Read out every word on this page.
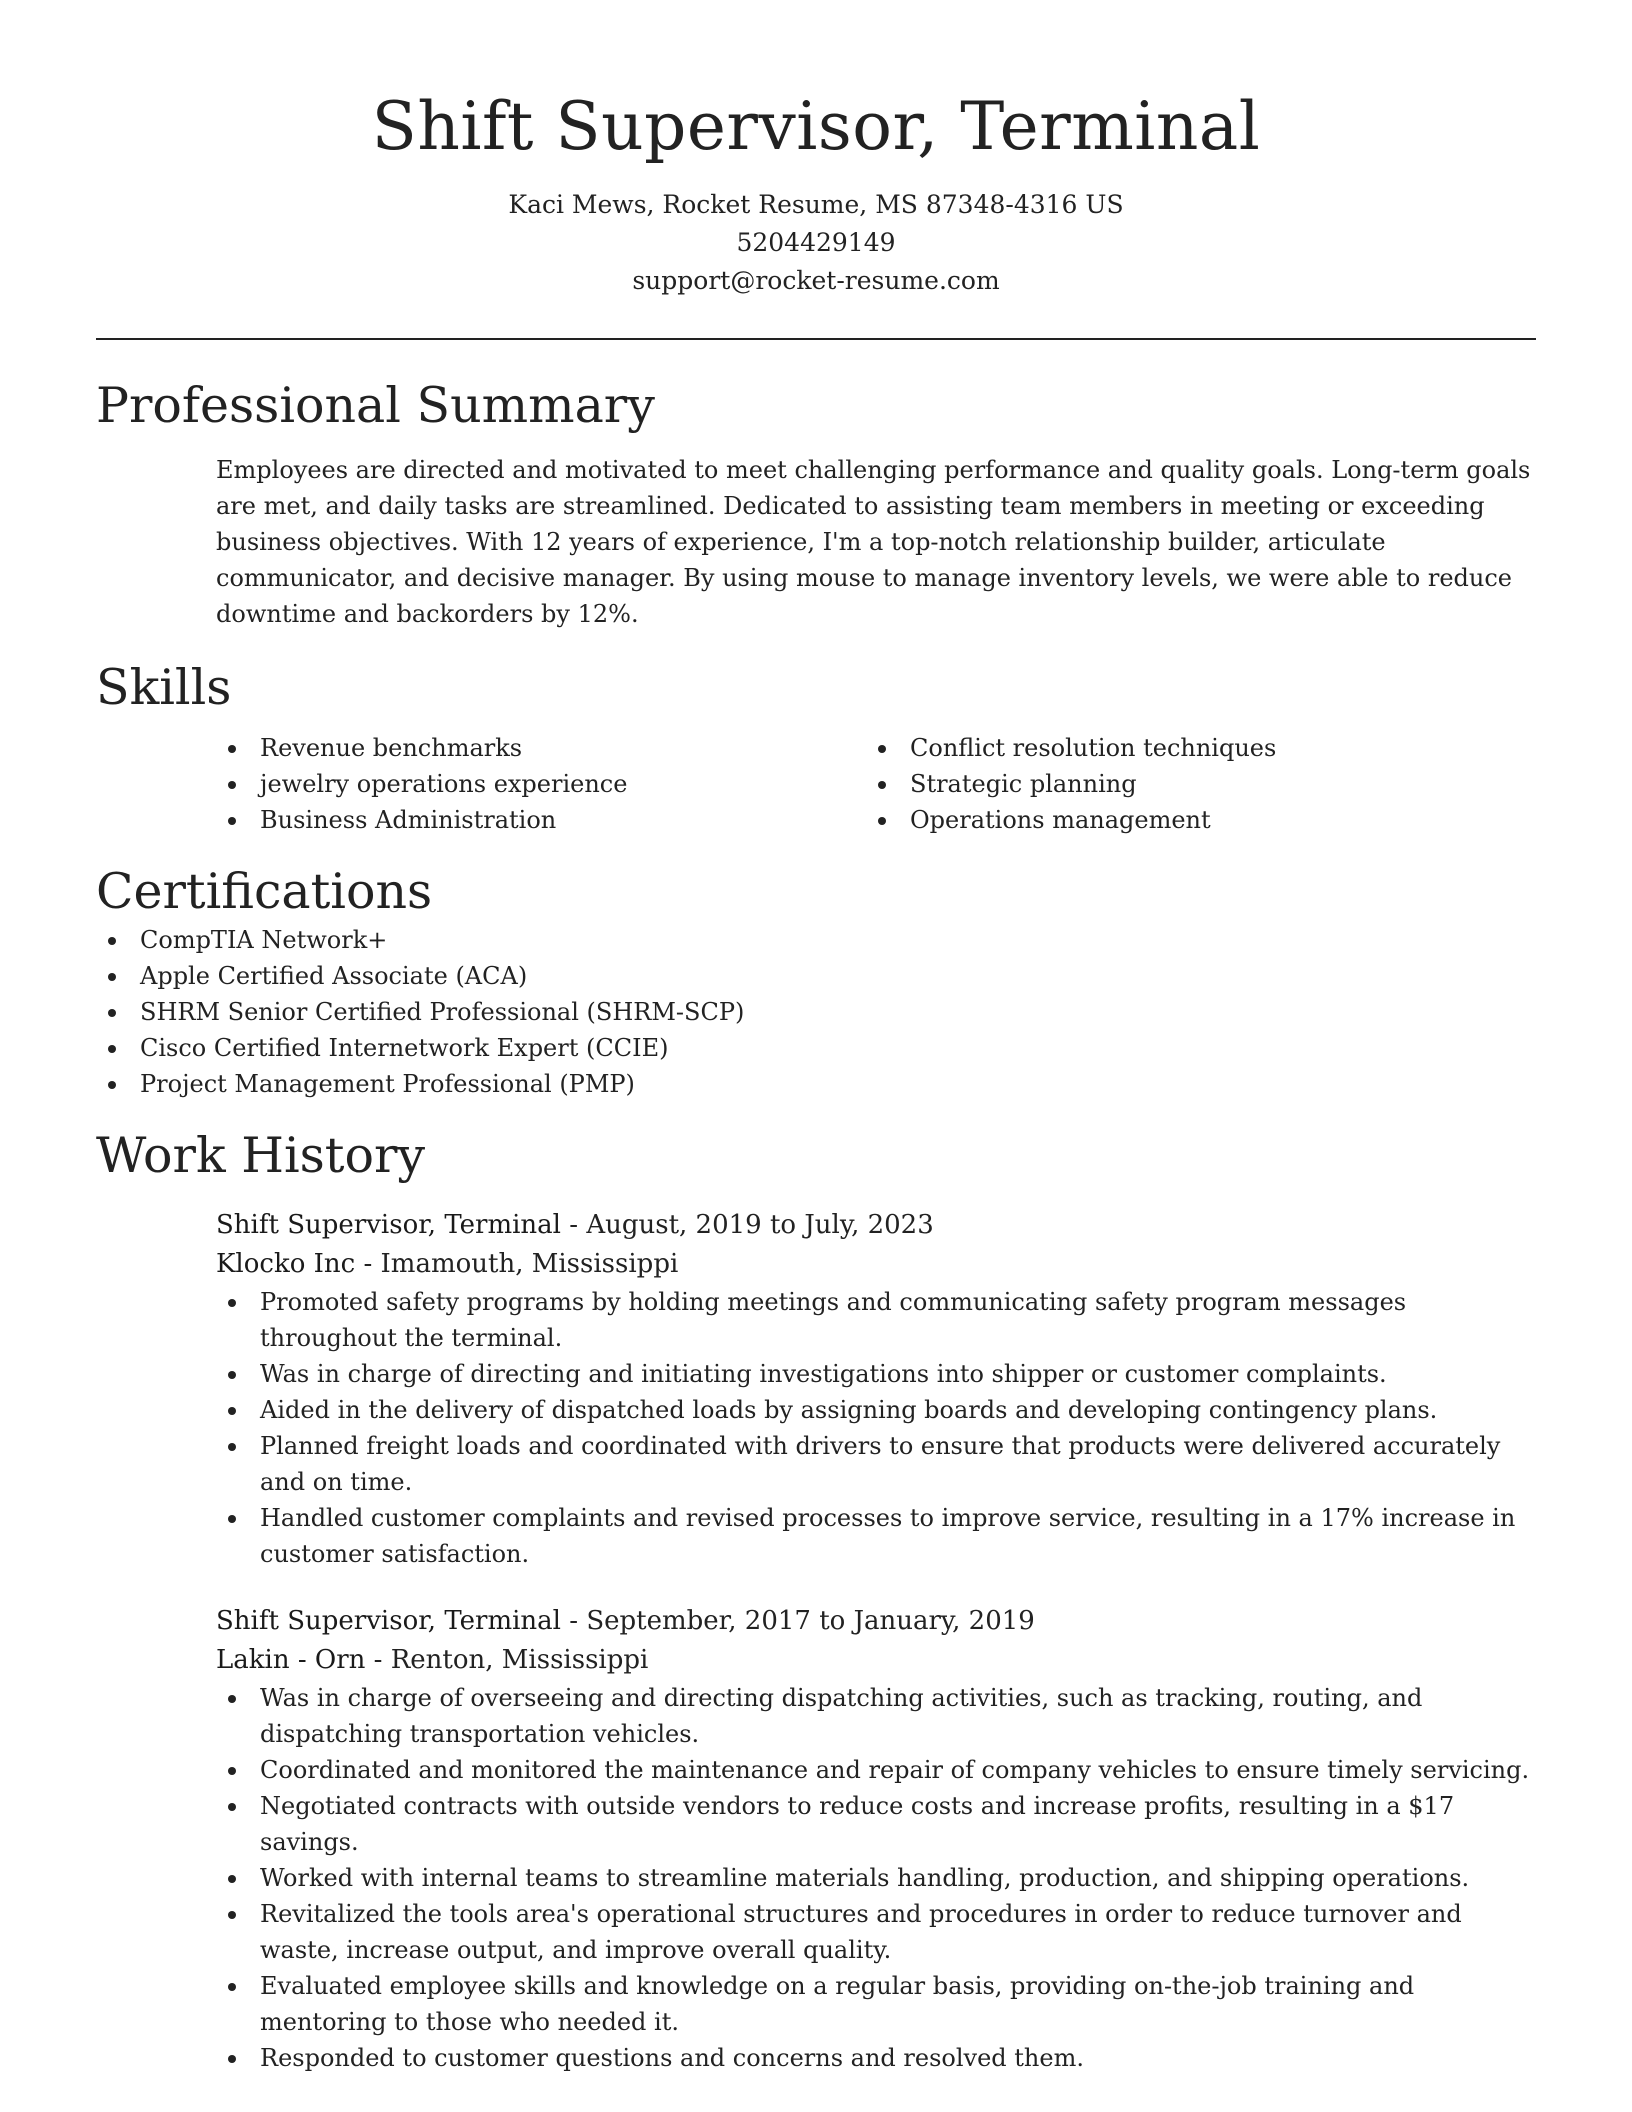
Shift Supervisor, Terminal
Kaci Mews, Rocket Resume, MS 87348-4316 US
5204429149
support@rocket-resume.com
Professional Summary

Employees are directed and motivated to meet challenging performance and quality goals. Long-term goals are met, and daily tasks are streamlined. Dedicated to assisting team members in meeting or exceeding business objectives. With 12 years of experience, I'm a top-notch relationship builder, articulate communicator, and decisive manager. By using mouse to manage inventory levels, we were able to reduce downtime and backorders by 12%.

Skills
Revenue benchmarks
jewelry operations experience
Business Administration
Conflict resolution techniques
Strategic planning
Operations management
Certifications
CompTIA Network+
Apple Certified Associate (ACA)
SHRM Senior Certified Professional (SHRM-SCP)
Cisco Certified Internetwork Expert (CCIE)
Project Management Professional (PMP)
Work History
Shift Supervisor, Terminal - August, 2019 to July, 2023
Klocko Inc - Imamouth, Mississippi
Promoted safety programs by holding meetings and communicating safety program messages throughout the terminal.
Was in charge of directing and initiating investigations into shipper or customer complaints.
Aided in the delivery of dispatched loads by assigning boards and developing contingency plans.
Planned freight loads and coordinated with drivers to ensure that products were delivered accurately and on time.
Handled customer complaints and revised processes to improve service, resulting in a 17% increase in customer satisfaction.
Shift Supervisor, Terminal - September, 2017 to January, 2019
Lakin - Orn - Renton, Mississippi
Was in charge of overseeing and directing dispatching activities, such as tracking, routing, and dispatching transportation vehicles.
Coordinated and monitored the maintenance and repair of company vehicles to ensure timely servicing.
Negotiated contracts with outside vendors to reduce costs and increase profits, resulting in a $17 savings.
Worked with internal teams to streamline materials handling, production, and shipping operations.
Revitalized the tools area's operational structures and procedures in order to reduce turnover and waste, increase output, and improve overall quality.
Evaluated employee skills and knowledge on a regular basis, providing on-the-job training and mentoring to those who needed it.
Responded to customer questions and concerns and resolved them.
